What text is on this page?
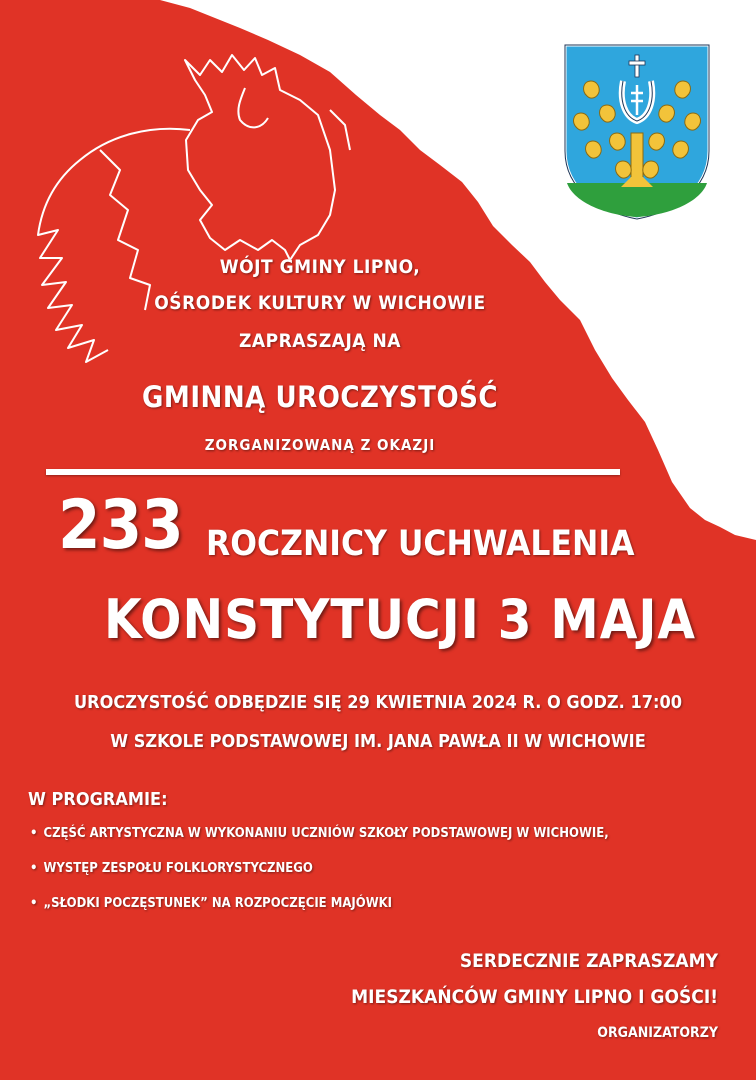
WÓJT GMINY LIPNO,
OŚRODEK KULTURY W WICHOWIE
ZAPRASZAJĄ NA
GMINNĄ UROCZYSTOŚĆ
ZORGANIZOWANĄ Z OKAZJI
233 ROCZNICY UCHWALENIA
KONSTYTUCJI 3 MAJA
UROCZYSTOŚĆ ODBĘDZIE SIĘ 29 KWIETNIA 2024 R. O GODZ. 17:00
W SZKOLE PODSTAWOWEJ IM. JANA PAWŁA II W WICHOWIE
W PROGRAMIE:
• CZĘŚĆ ARTYSTYCZNA W WYKONANIU UCZNIÓW SZKOŁY PODSTAWOWEJ W WICHOWIE,
• WYSTĘP ZESPOŁU FOLKLORYSTYCZNEGO
• „SŁODKI POCZĘSTUNEK” NA ROZPOCZĘCIE MAJÓWKI
SERDECZNIE ZAPRASZAMY
MIESZKAŃCÓW GMINY LIPNO I GOŚCI!
ORGANIZATORZY
